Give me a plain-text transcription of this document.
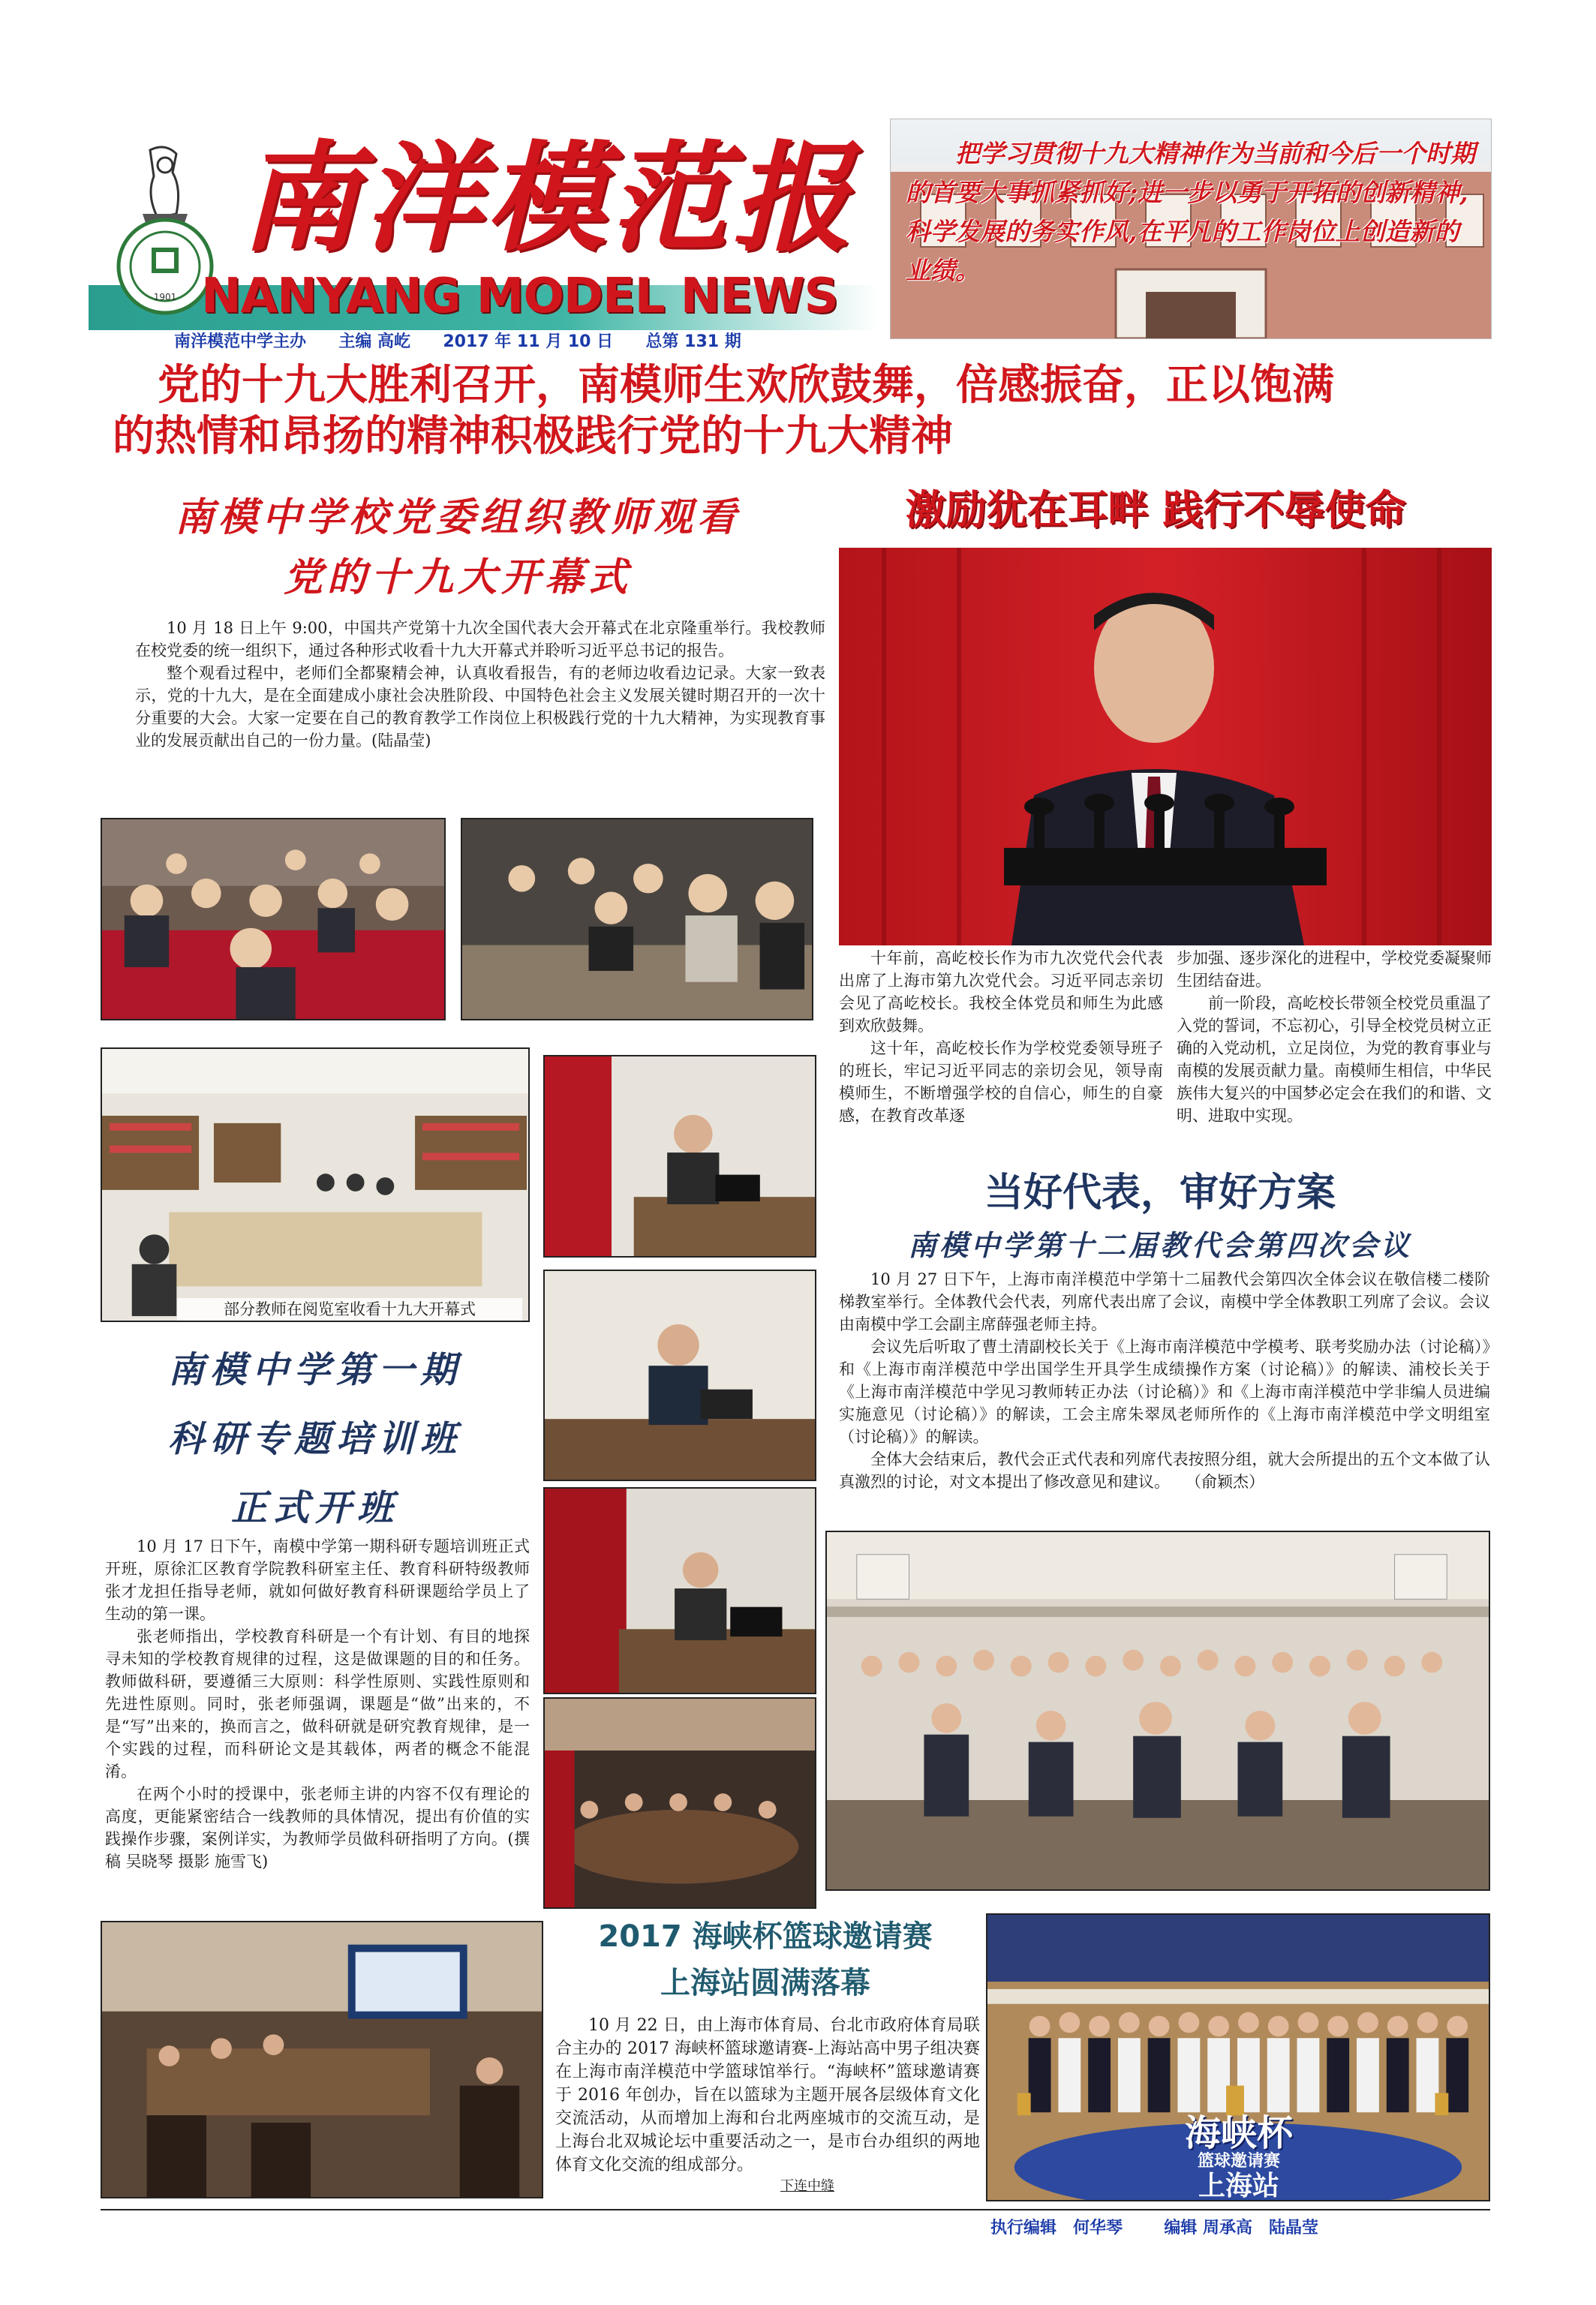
1901
南洋模范报
NANYANG MODEL NEWS
南洋模范中学主办 主编 高屹 2017 年 11 月 10 日 总第 131 期
把学习贯彻十九大精神作为当前和今后一个时期的首要大事抓紧抓好;进一步以勇于开拓的创新精神,科学发展的务实作风,在平凡的工作岗位上创造新的业绩。
党的十九大胜利召开，南模师生欢欣鼓舞，倍感振奋，正以饱满
的热情和昂扬的精神积极践行党的十九大精神
南模中学校党委组织教师观看
党的十九大开幕式

10 月 18 日上午 9:00，中国共产党第十九次全国代表大会开幕式在北京隆重举行。我校教师在校党委的统一组织下，通过各种形式收看十九大开幕式并聆听习近平总书记的报告。

整个观看过程中，老师们全都聚精会神，认真收看报告，有的老师边收看边记录。大家一致表示，党的十九大，是在全面建成小康社会决胜阶段、中国特色社会主义发展关键时期召开的一次十分重要的大会。大家一定要在自己的教育教学工作岗位上积极践行党的十九大精神，为实现教育事业的发展贡献出自己的一份力量。(陆晶莹)

部分教师在阅览室收看十九大开幕式
激励犹在耳畔 践行不辱使命

十年前，高屹校长作为市九次党代会代表出席了上海市第九次党代会。习近平同志亲切会见了高屹校长。我校全体党员和师生为此感到欢欣鼓舞。

这十年，高屹校长作为学校党委领导班子的班长，牢记习近平同志的亲切会见，领导南模师生，不断增强学校的自信心，师生的自豪感，在教育改革逐

步加强、逐步深化的进程中，学校党委凝聚师生团结奋进。

前一阶段，高屹校长带领全校党员重温了入党的誓词，不忘初心，引导全校党员树立正确的入党动机，立足岗位，为党的教育事业与南模的发展贡献力量。南模师生相信，中华民族伟大复兴的中国梦必定会在我们的和谐、文明、进取中实现。

南模中学第一期
科研专题培训班
正式开班

10 月 17 日下午，南模中学第一期科研专题培训班正式开班，原徐汇区教育学院教科研室主任、教育科研特级教师张才龙担任指导老师，就如何做好教育科研课题给学员上了生动的第一课。

张老师指出，学校教育科研是一个有计划、有目的地探寻未知的学校教育规律的过程，这是做课题的目的和任务。教师做科研，要遵循三大原则：科学性原则、实践性原则和先进性原则。同时，张老师强调，课题是“做”出来的，不是“写”出来的，换而言之，做科研就是研究教育规律，是一个实践的过程，而科研论文是其载体，两者的概念不能混淆。

在两个小时的授课中，张老师主讲的内容不仅有理论的高度，更能紧密结合一线教师的具体情况，提出有价值的实践操作步骤，案例详实，为教师学员做科研指明了方向。(撰稿 吴晓琴 摄影 施雪飞)

当好代表，审好方案
南模中学第十二届教代会第四次会议

10 月 27 日下午，上海市南洋模范中学第十二届教代会第四次全体会议在敬信楼二楼阶梯教室举行。全体教代会代表，列席代表出席了会议，南模中学全体教职工列席了会议。会议由南模中学工会副主席薛强老师主持。

会议先后听取了曹土清副校长关于《上海市南洋模范中学模考、联考奖励办法（讨论稿）》和《上海市南洋模范中学出国学生开具学生成绩操作方案（讨论稿）》的解读、浦校长关于《上海市南洋模范中学见习教师转正办法（讨论稿）》和《上海市南洋模范中学非编人员进编实施意见（讨论稿）》的解读，工会主席朱翠凤老师所作的《上海市南洋模范中学文明组室（讨论稿）》的解读。

全体大会结束后，教代会正式代表和列席代表按照分组，就大会所提出的五个文本做了认真激烈的讨论，对文本提出了修改意见和建议。　　（俞颖杰）

2017 海峡杯篮球邀请赛
上海站圆满落幕

10 月 22 日，由上海市体育局、台北市政府体育局联合主办的 2017 海峡杯篮球邀请赛-上海站高中男子组决赛在上海市南洋模范中学篮球馆举行。“海峡杯”篮球邀请赛于 2016 年创办，旨在以篮球为主题开展各层级体育文化交流活动，从而增加上海和台北两座城市的交流互动，是上海台北双城论坛中重要活动之一，是市台办组织的两地体育文化交流的组成部分。

下连中缝
海峡杯
篮球邀请赛
上海站
执行编辑　何华琴	编辑 周承高　陆晶莹
